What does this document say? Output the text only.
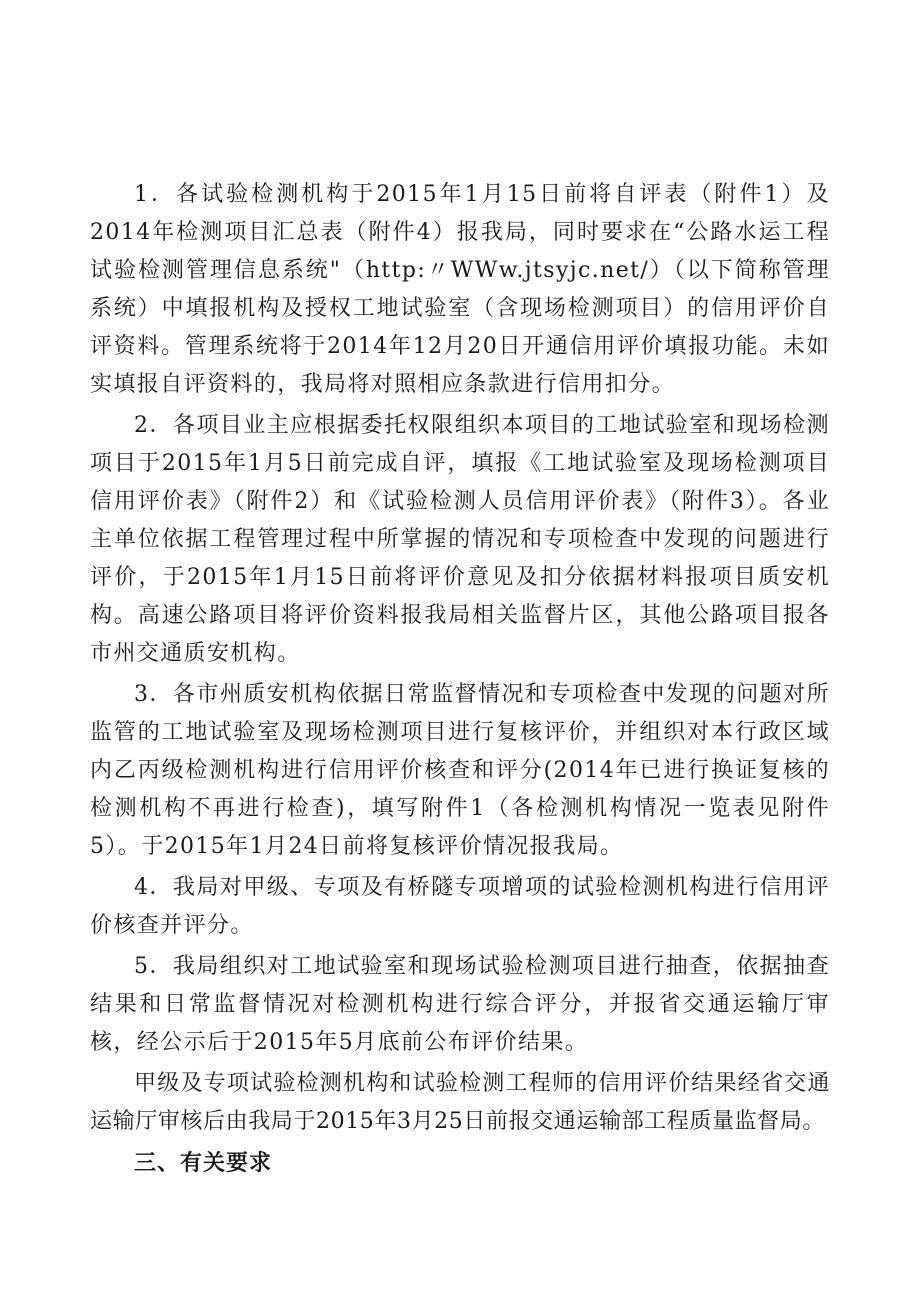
1．各试验检测机构于2015年1月15日前将自评表（附件1）及2014年检测项目汇总表（附件4）报我局，同时要求在“公路水运工程试验检测管理信息系统"（http:〃WWw.jtsyjc.net/）（以下简称管理系统）中填报机构及授权工地试验室（含现场检测项目）的信用评价自评资料。管理系统将于2014年12月20日开通信用评价填报功能。未如实填报自评资料的，我局将对照相应条款进行信用扣分。

2．各项目业主应根据委托权限组织本项目的工地试验室和现场检测项目于2015年1月5日前完成自评，填报《工地试验室及现场检测项目信用评价表》（附件2）和《试验检测人员信用评价表》（附件3）。各业主单位依据工程管理过程中所掌握的情况和专项检查中发现的问题进行评价，于2015年1月15日前将评价意见及扣分依据材料报项目质安机构。高速公路项目将评价资料报我局相关监督片区，其他公路项目报各市州交通质安机构。

3．各市州质安机构依据日常监督情况和专项检查中发现的问题对所监管的工地试验室及现场检测项目进行复核评价，并组织对本行政区域内乙丙级检测机构进行信用评价核查和评分(2014年已进行换证复核的检测机构不再进行检查)，填写附件1（各检测机构情况一览表见附件5）。于2015年1月24日前将复核评价情况报我局。

4．我局对甲级、专项及有桥隧专项增项的试验检测机构进行信用评价核查并评分。

5．我局组织对工地试验室和现场试验检测项目进行抽查，依据抽查结果和日常监督情况对检测机构进行综合评分，并报省交通运输厅审核，经公示后于2015年5月底前公布评价结果。

甲级及专项试验检测机构和试验检测工程师的信用评价结果经省交通运输厅审核后由我局于2015年3月25日前报交通运输部工程质量监督局。

三、有关要求
